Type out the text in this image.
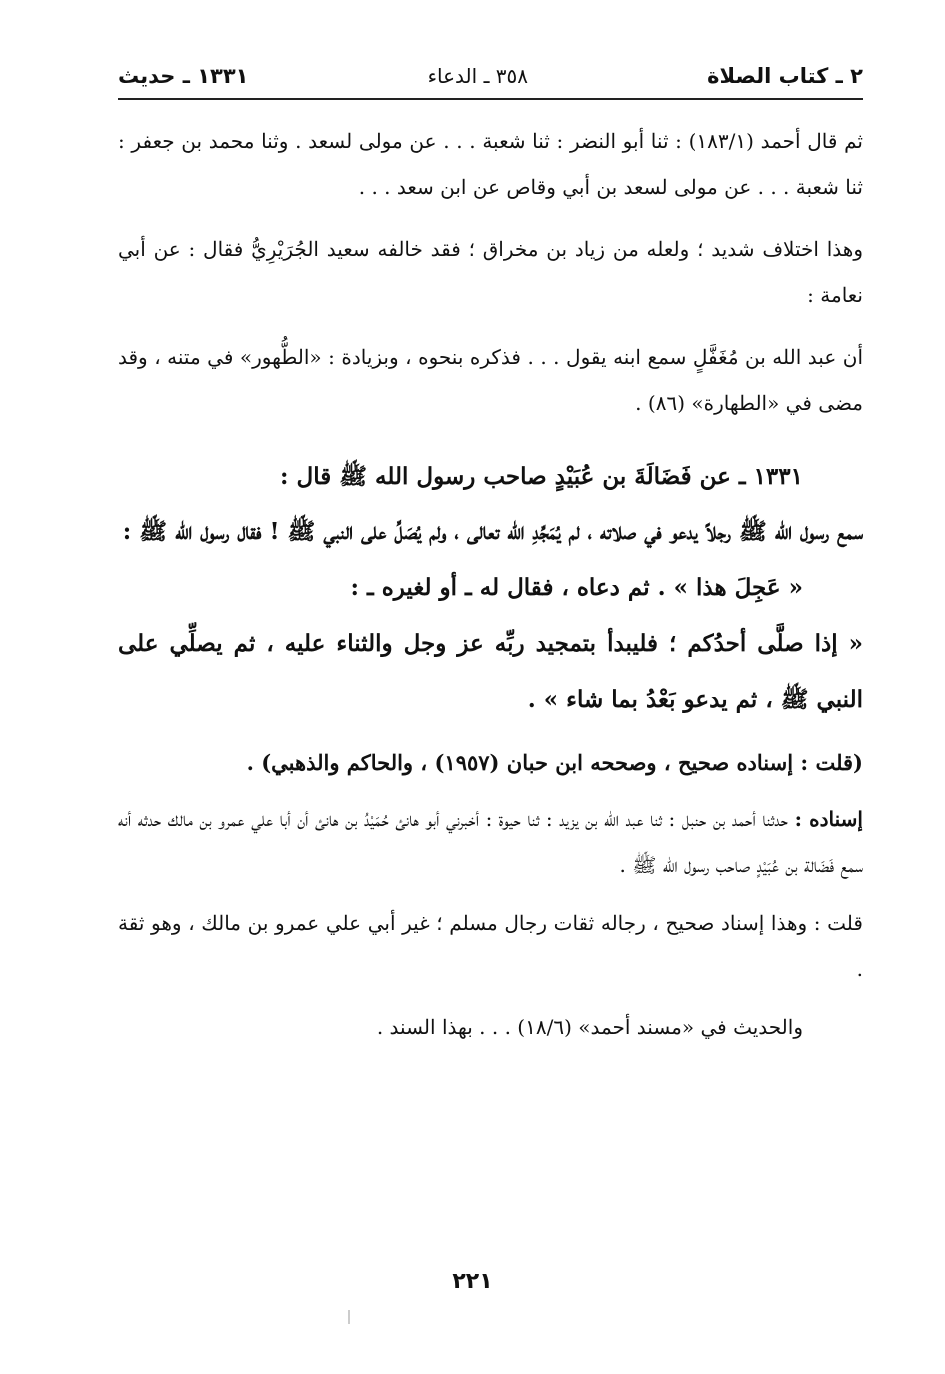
٢ ـ كتاب الصلاة
٣٥٨ ـ الدعاء
١٣٣١ ـ حديث

ثم قال أحمد (١٨٣/١) : ثنا أبو النضر : ثنا شعبة . . . عن مولى لسعد . وثنا محمد بن جعفر : ثنا شعبة . . . عن مولى لسعد بن أبي وقاص عن ابن سعد . . .

وهذا اختلاف شديد ؛ ولعله من زياد بن مخراق ؛ فقد خالفه سعيد الجُرَيْرِيُّ فقال : عن أبي نعامة :

أن عبد الله بن مُغَفَّلٍ سمع ابنه يقول . . . فذكره بنحوه ، وبزيادة : «الطُّهور» في متنه ، وقد مضى في «الطهارة» (٨٦) .

١٣٣١ ـ عن فَضَالَةَ بن عُبَيْدٍ صاحب رسول الله ﷺ قال :

سمع رسول الله ﷺ رجلاً يدعو في صلاته ، لم يُمَجِّدِ الله تعالى ، ولم يُصَلِّ على النبي ﷺ ! فقال رسول الله ﷺ :

« عَجِلَ هذا » . ثم دعاه ، فقال له ـ أو لغيره ـ :

« إذا صلَّى أحدُكم ؛ فليبدأ بتمجيد ربِّه عز وجل والثناء عليه ، ثم يصلِّي على النبي ﷺ ، ثم يدعو بَعْدُ بما شاء » .

(قلت : إسناده صحيح ، وصححه ابن حبان (١٩٥٧) ، والحاكم والذهبي) .

إسناده : حدثنا أحمد بن حنبل : ثنا عبد الله بن يزيد : ثنا حيوة : أخبرني أبو هانئ حُمَيْدُ بن هانئ أن أبا علي عمرو بن مالك حدثه أنه سمع فَضَالة بن عُبَيْدٍ صاحب رسول الله ﷺ .

قلت : وهذا إسناد صحيح ، رجاله ثقات رجال مسلم ؛ غير أبي علي عمرو بن مالك ، وهو ثقة .

والحديث في «مسند أحمد» (١٨/٦) . . . بهذا السند .

٢٢١
